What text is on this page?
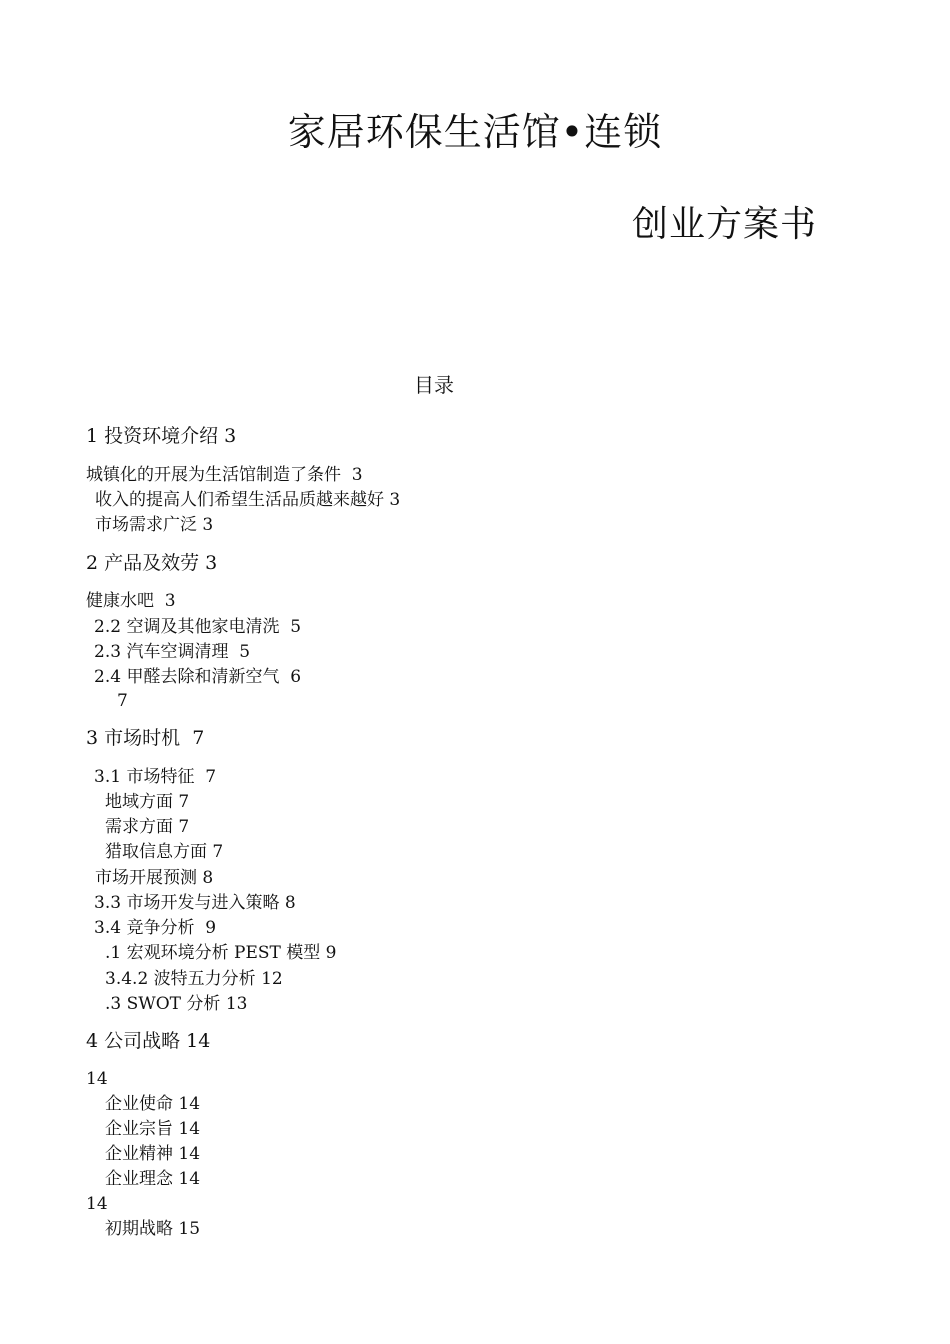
家居环保生活馆•连锁
创业方案书
目录
1 投资环境介绍 3
城镇化的开展为生活馆制造了条件  3
收入的提高人们希望生活品质越来越好 3
市场需求广泛 3
2 产品及效劳 3
健康水吧  3
2.2 空调及其他家电清洗  5
2.3 汽车空调清理  5
2.4 甲醛去除和清新空气  6
7
3 市场时机  7
3.1 市场特征  7
地域方面 7
需求方面 7
猎取信息方面 7
市场开展预测 8
3.3 市场开发与进入策略 8
3.4 竞争分析  9
.1 宏观环境分析 PEST 模型 9
3.4.2 波特五力分析 12
.3 SWOT 分析 13
4 公司战略 14
14
企业使命 14
企业宗旨 14
企业精神 14
企业理念 14
14
初期战略 15
